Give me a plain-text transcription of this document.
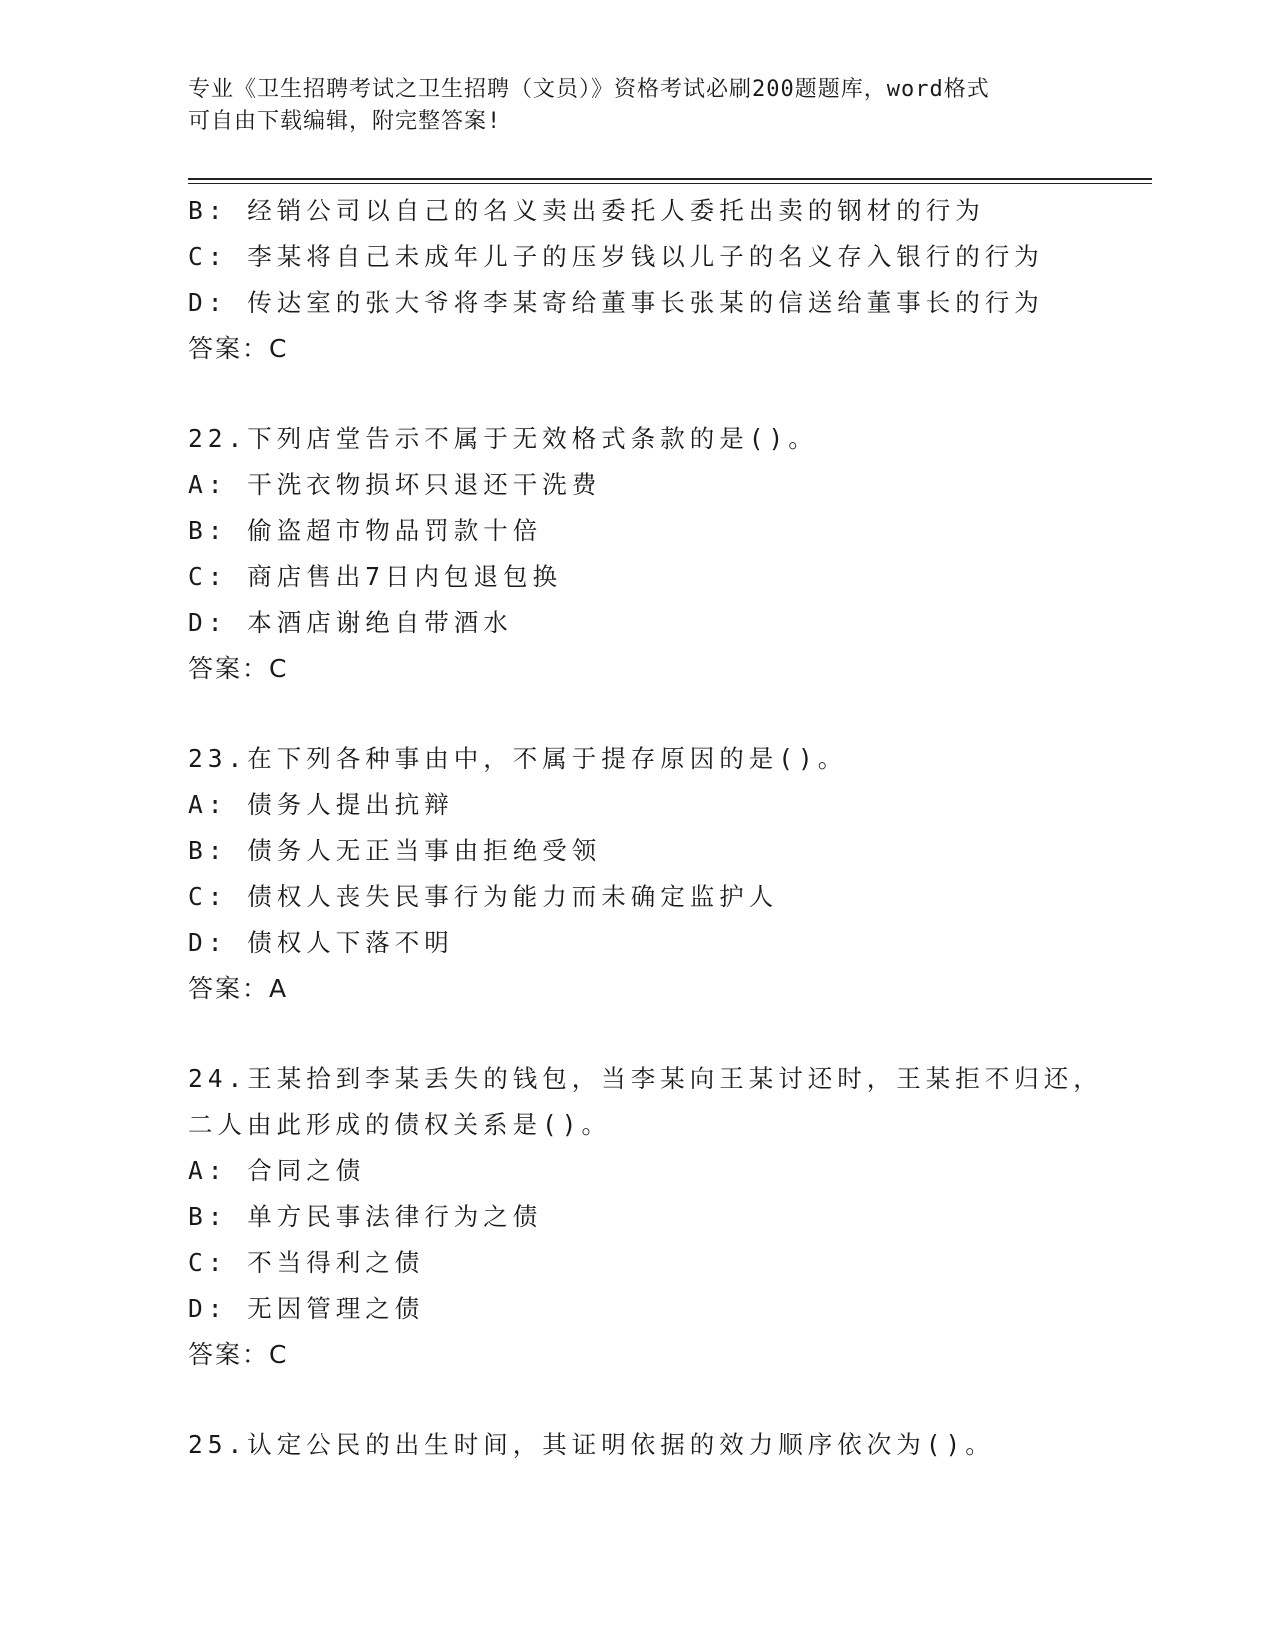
专业《卫生招聘考试之卫生招聘（文员）》资格考试必刷200题题库，word格式
可自由下载编辑，附完整答案!
B: 经销公司以自己的名义卖出委托人委托出卖的钢材的行为
C: 李某将自己未成年儿子的压岁钱以儿子的名义存入银行的行为
D: 传达室的张大爷将李某寄给董事长张某的信送给董事长的行为
答案：C
22.下列店堂告示不属于无效格式条款的是()。
A: 干洗衣物损坏只退还干洗费
B: 偷盗超市物品罚款十倍
C: 商店售出7日内包退包换
D: 本酒店谢绝自带酒水
答案：C
23.在下列各种事由中，不属于提存原因的是()。
A: 债务人提出抗辩
B: 债务人无正当事由拒绝受领
C: 债权人丧失民事行为能力而未确定监护人
D: 债权人下落不明
答案：A
24.王某拾到李某丢失的钱包，当李某向王某讨还时，王某拒不归还，
二人由此形成的债权关系是()。
A: 合同之债
B: 单方民事法律行为之债
C: 不当得利之债
D: 无因管理之债
答案：C
25.认定公民的出生时间，其证明依据的效力顺序依次为()。
